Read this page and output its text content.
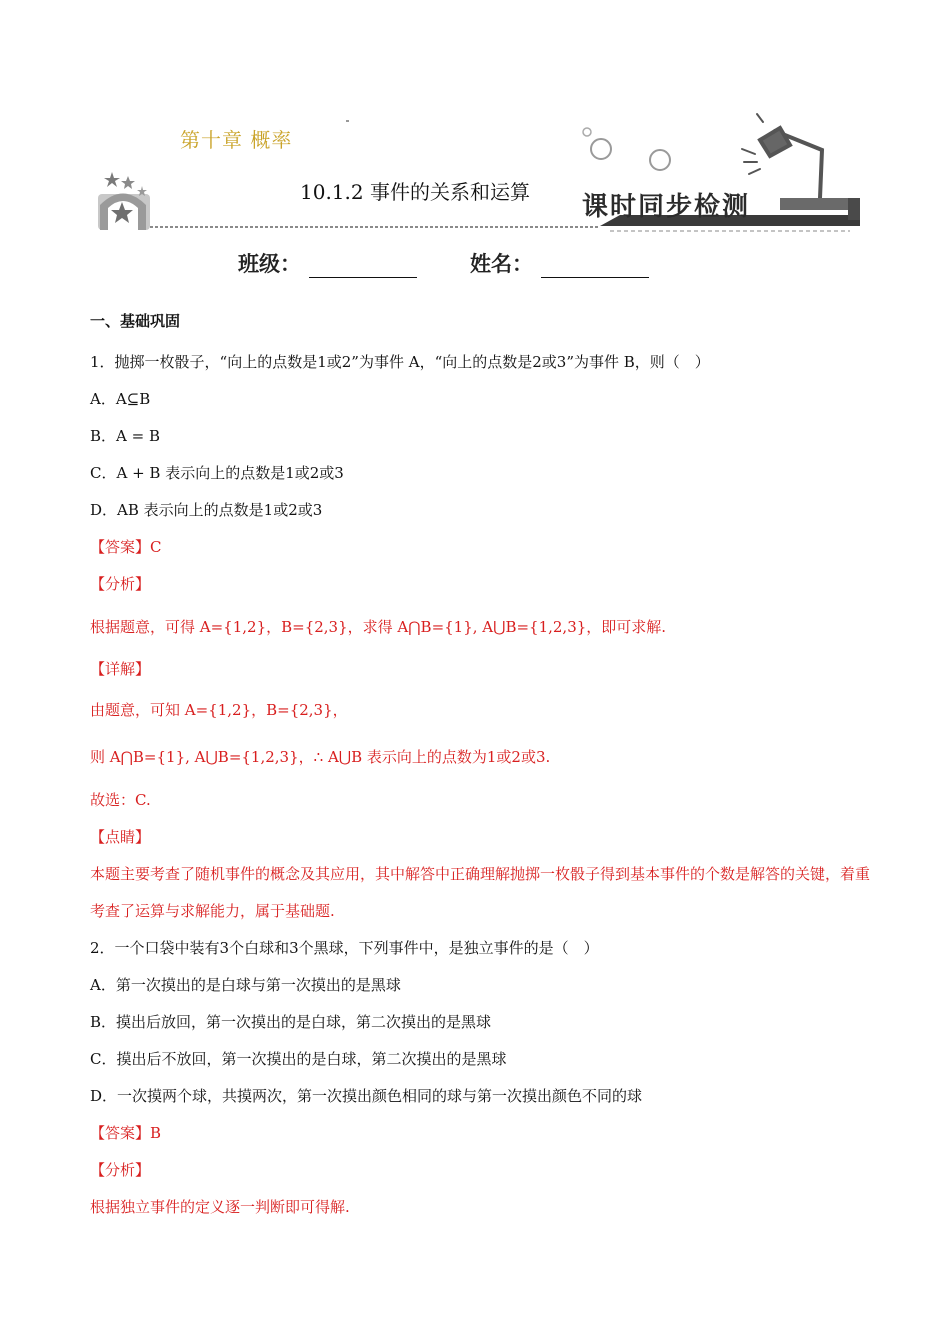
第十章 概率
10.1.2 事件的关系和运算 课时同步检测
班级：	姓名：
一、基础巩固
1．抛掷一枚骰子，“向上的点数是1或2”为事件 A，“向上的点数是2或3”为事件 B，则（　）
A．A⊆B
B．A = B
C．A + B 表示向上的点数是1或2或3
D．AB 表示向上的点数是1或2或3
【答案】C
【分析】
根据题意，可得 A={1,2}，B={2,3}，求得 A⋂B={1}, A⋃B={1,2,3}，即可求解.
【详解】
由题意，可知 A={1,2}，B={2,3}，
则 A⋂B={1}, A⋃B={1,2,3}，∴ A⋃B 表示向上的点数为1或2或3.
故选：C.
【点睛】
本题主要考查了随机事件的概念及其应用，其中解答中正确理解抛掷一枚骰子得到基本事件的个数是解答的关键，着重考查了运算与求解能力，属于基础题.
2．一个口袋中装有3个白球和3个黑球，下列事件中，是独立事件的是（　）
A．第一次摸出的是白球与第一次摸出的是黑球
B．摸出后放回，第一次摸出的是白球，第二次摸出的是黑球
C．摸出后不放回，第一次摸出的是白球，第二次摸出的是黑球
D．一次摸两个球，共摸两次，第一次摸出颜色相同的球与第一次摸出颜色不同的球
【答案】B
【分析】
根据独立事件的定义逐一判断即可得解.
